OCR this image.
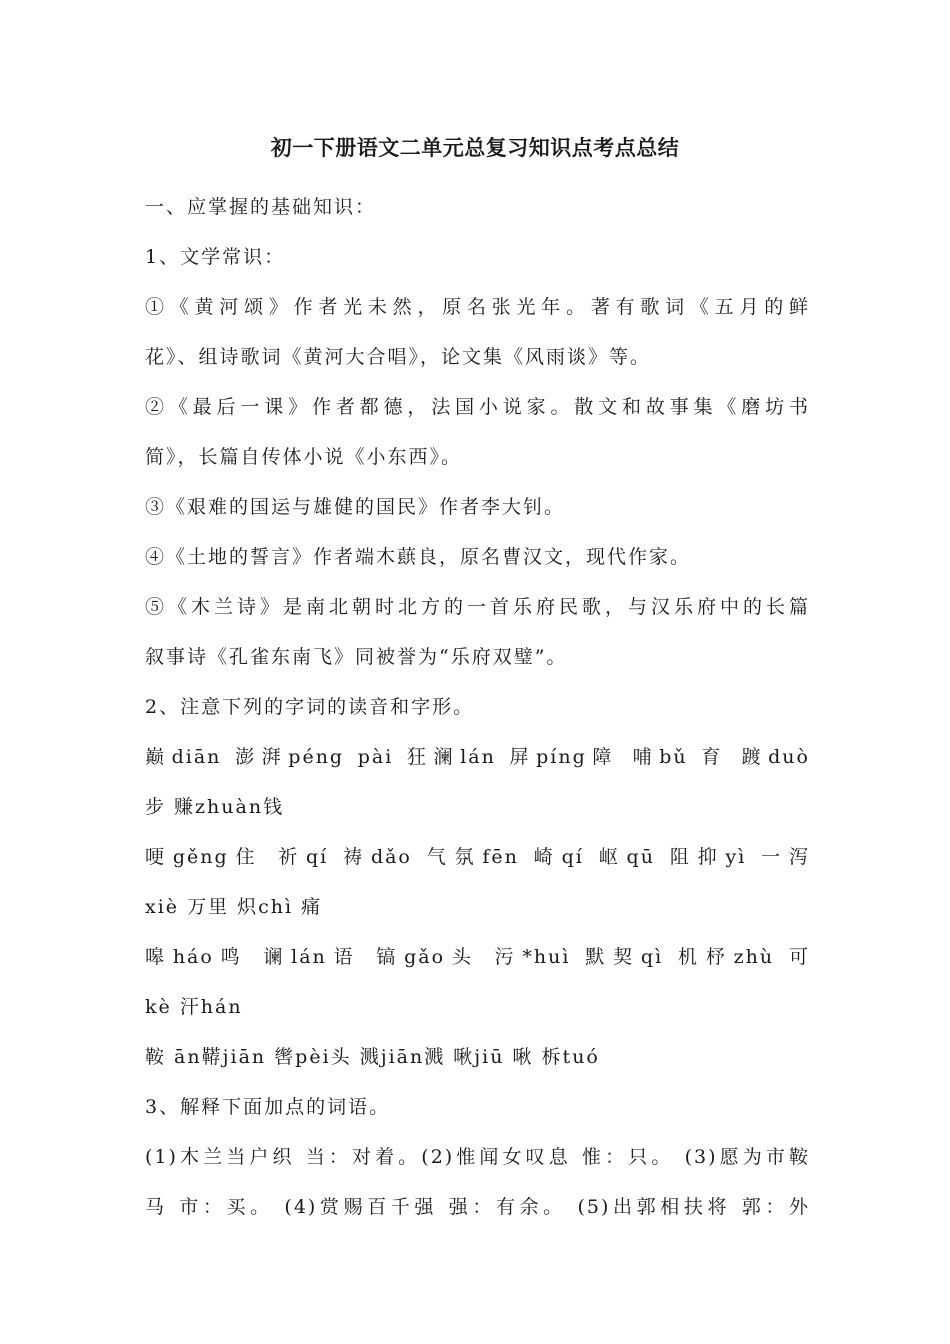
初一下册语文二单元总复习知识点考点总结
一、应掌握的基础知识：
1、文学常识：
①《黄河颂》作者光未然，原名张光年。著有歌词《五月的鲜
花》、组诗歌词《黄河大合唱》，论文集《风雨谈》等。
②《最后一课》作者都德，法国小说家。散文和故事集《磨坊书
简》，长篇自传体小说《小东西》。
③《艰难的国运与雄健的国民》作者李大钊。
④《土地的誓言》作者端木蕻良，原名曹汉文，现代作家。
⑤《木兰诗》是南北朝时北方的一首乐府民歌，与汉乐府中的长篇
叙事诗《孔雀东南飞》同被誉为“乐府双璧”。
2、注意下列的字词的读音和字形。
巅diān 澎湃péng pài 狂澜lán 屏píng障 哺bǔ 育 踱duò
步 赚zhuàn钱
哽gěng住 祈qí 祷dǎo 气氛fēn 崎qí 岖qū 阻抑yì 一泻
xiè 万里 炽chì 痛
嗥háo鸣 谰lán语 镐gǎo头 污*huì 默契qì 机杼zhù 可
kè 汗hán
鞍 ān鞯jiān 辔pèi头 溅jiān溅 啾jiū 啾 柝tuó
3、解释下面加点的词语。
(1)木兰当户织 当：对着。(2)惟闻女叹息 惟：只。 (3)愿为市鞍
马 市：买。 (4)赏赐百千强 强：有余。 (5)出郭相扶将 郭：外
